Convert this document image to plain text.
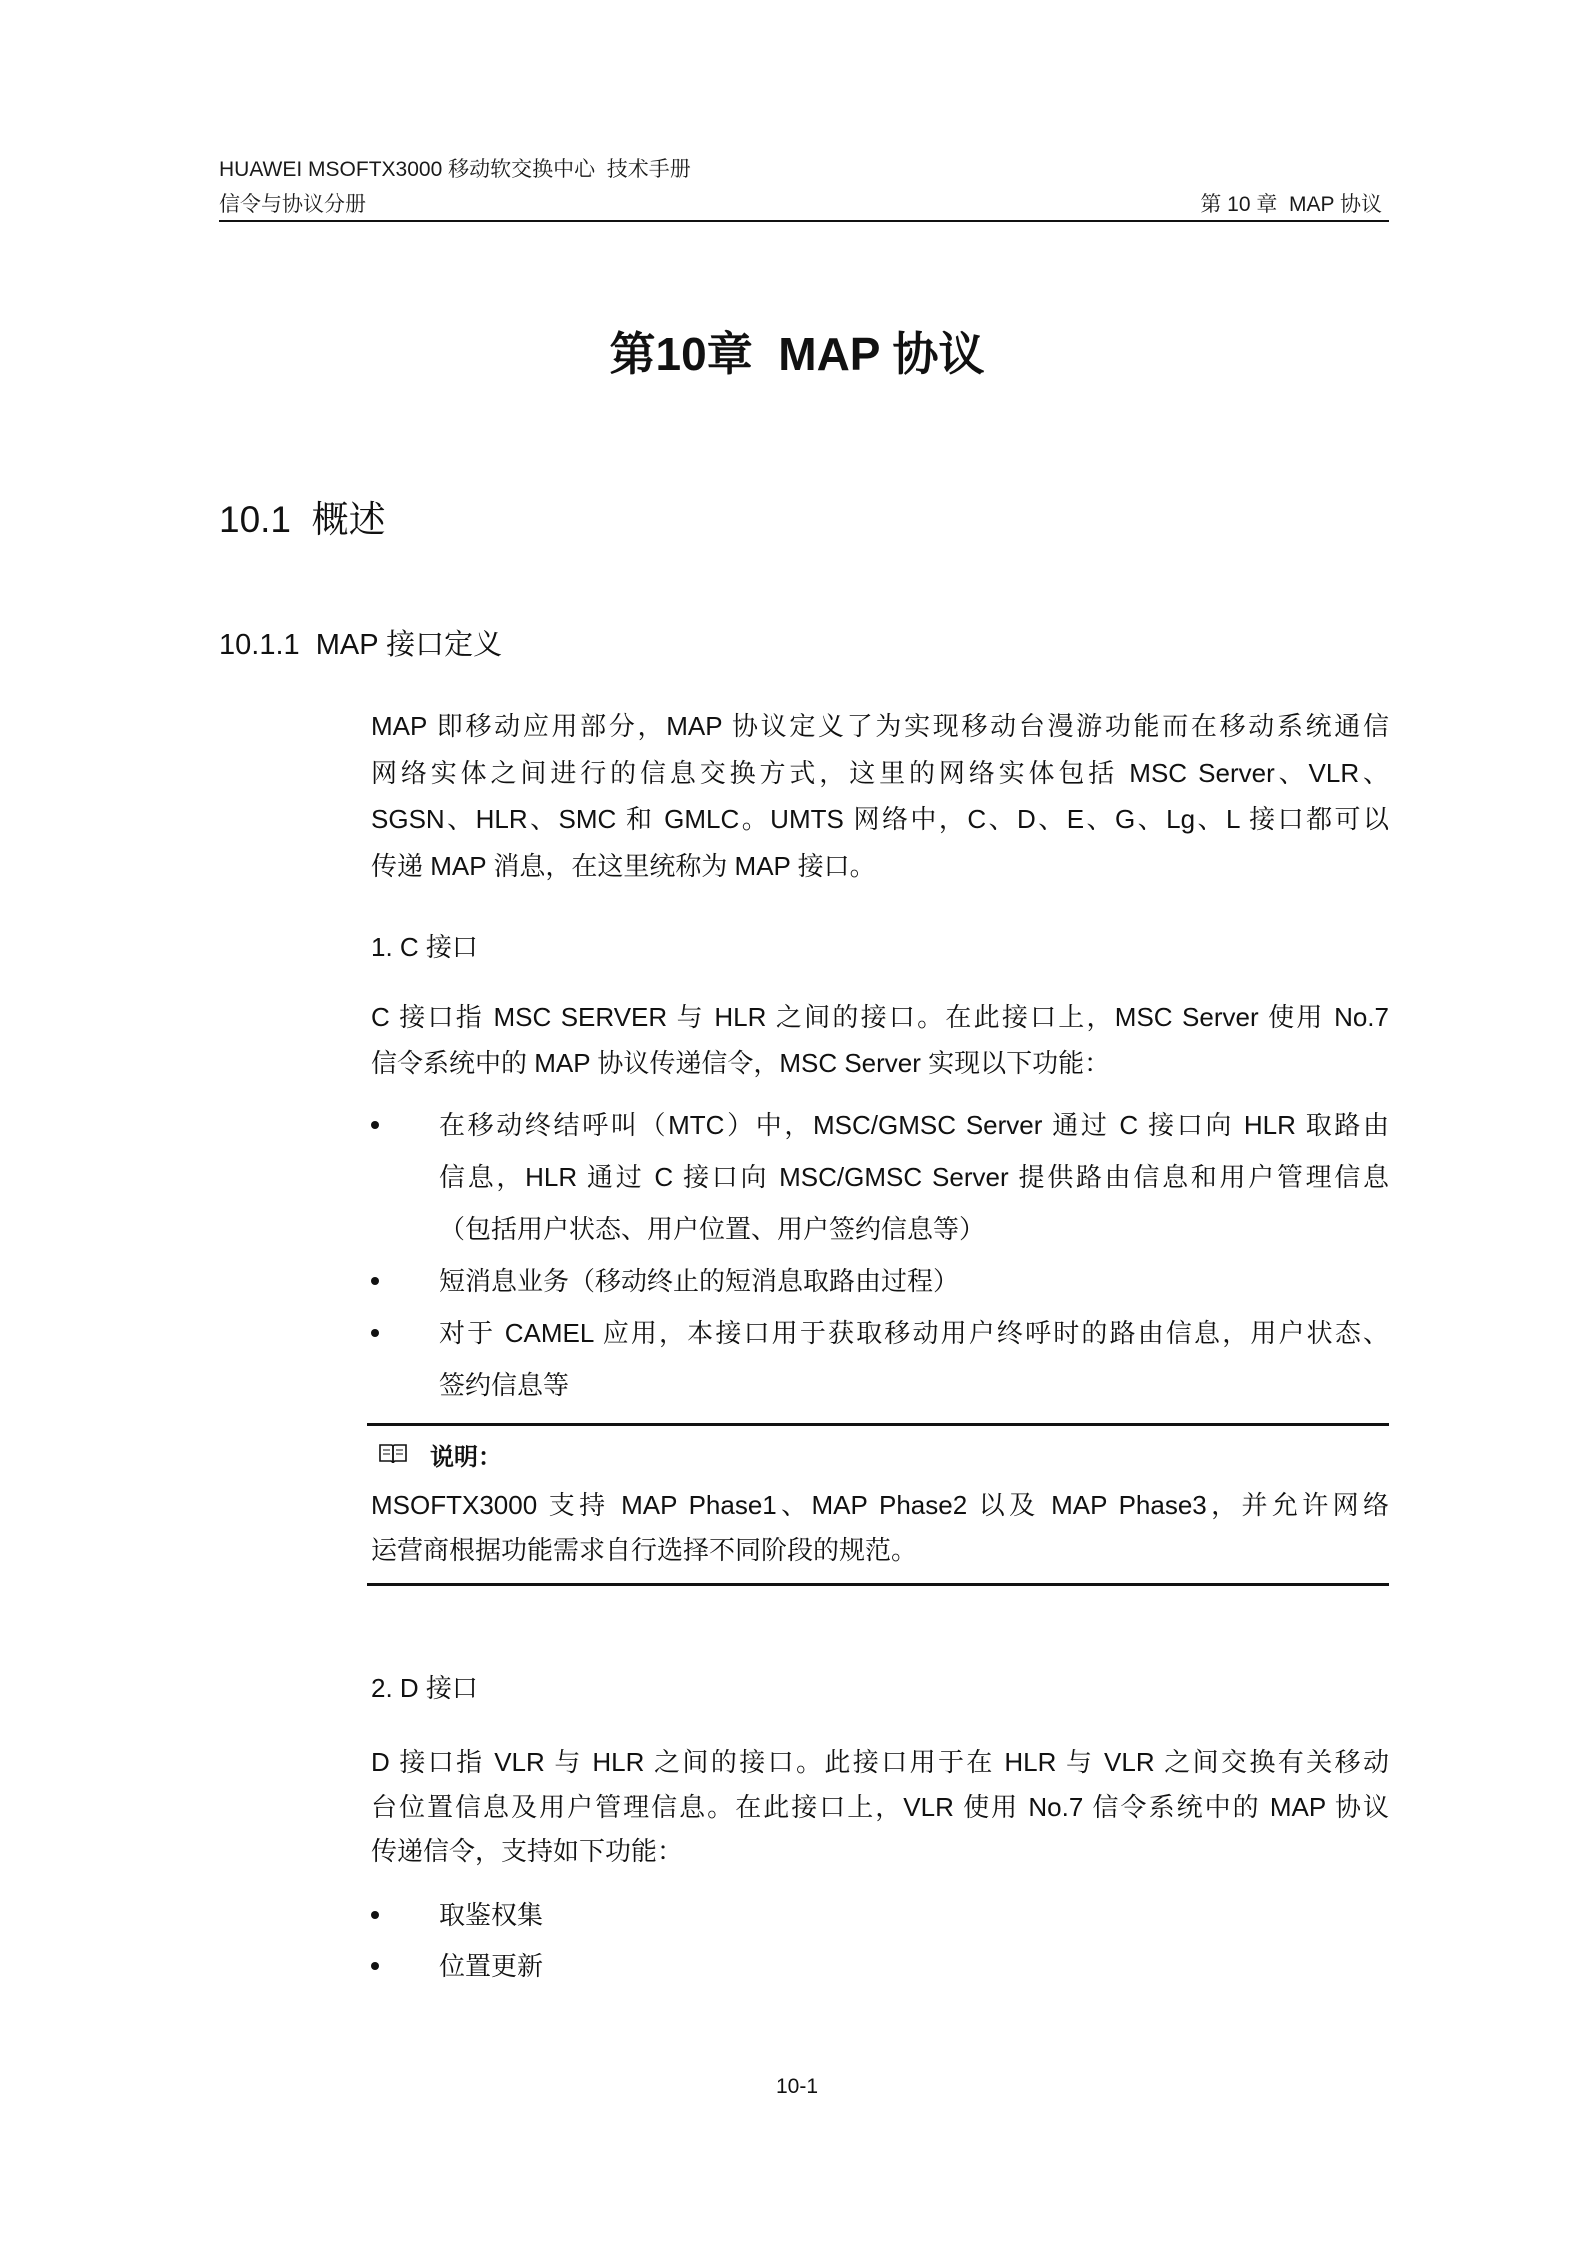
HUAWEI MSOFTX3000 移动软交换中心  技术手册
信令与协议分册	第 10 章  MAP 协议
第10章  MAP 协议
10.1  概述
10.1.1  MAP 接口定义
MAP 即移动应用部分，MAP 协议定义了为实现移动台漫游功能而在移动系统通信
网络实体之间进行的信息交换方式，这里的网络实体包括 MSC Server、VLR、
SGSN、HLR、SMC 和 GMLC。UMTS 网络中，C、D、E、G、Lg、L 接口都可以
传递 MAP 消息，在这里统称为 MAP 接口。
1. C 接口
C 接口指 MSC SERVER 与 HLR 之间的接口。在此接口上，MSC Server 使用 No.7
信令系统中的 MAP 协议传递信令，MSC Server 实现以下功能：
在移动终结呼叫（MTC）中，MSC/GMSC Server 通过 C 接口向 HLR 取路由
信息，HLR 通过 C 接口向 MSC/GMSC Server 提供路由信息和用户管理信息
（包括用户状态、用户位置、用户签约信息等）
短消息业务（移动终止的短消息取路由过程）
对于 CAMEL 应用，本接口用于获取移动用户终呼时的路由信息，用户状态、
签约信息等
说明：
MSOFTX3000 支持 MAP Phase1、MAP Phase2 以及 MAP Phase3，并允许网络
运营商根据功能需求自行选择不同阶段的规范。
2. D 接口
D 接口指 VLR 与 HLR 之间的接口。此接口用于在 HLR 与 VLR 之间交换有关移动
台位置信息及用户管理信息。在此接口上，VLR 使用 No.7 信令系统中的 MAP 协议
传递信令，支持如下功能：
取鉴权集
位置更新
10-1
